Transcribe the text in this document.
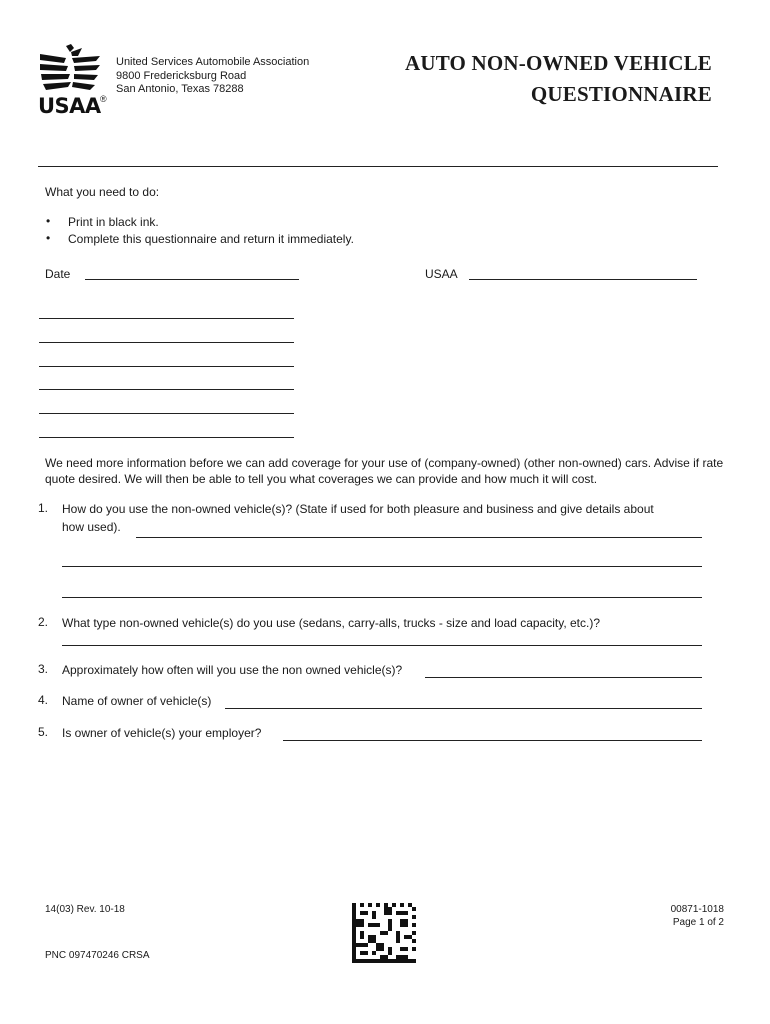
USAA ®
United Services Automobile Association
9800 Fredericksburg Road
San Antonio, Texas 78288
AUTO NON-OWNED VEHICLE
QUESTIONNAIRE
What you need to do:
• Print in black ink.
• Complete this questionnaire and return it immediately.
Date	USAA
We need more information before we can add coverage for your use of (company-owned) (other non-owned) cars. Advise if rate quote desired. We will then be able to tell you what coverages we can provide and how much it will cost.
1. How do you use the non-owned vehicle(s)? (State if used for both pleasure and business and give details about
how used).
2. What type non-owned vehicle(s) do you use (sedans, carry-alls, trucks - size and load capacity, etc.)?
3. Approximately how often will you use the non owned vehicle(s)?
4. Name of owner of vehicle(s)
5. Is owner of vehicle(s) your employer?
14(03) Rev. 10-18	00871-1018
Page 1 of 2
PNC 097470246 CRSA
